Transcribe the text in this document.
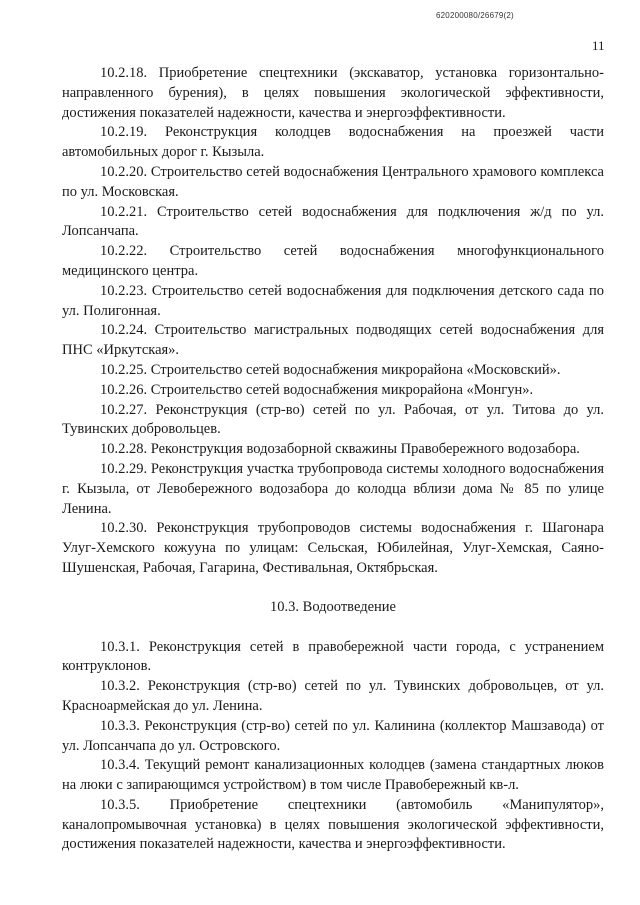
620200080/26679(2)
11

10.2.18. Приобретение спецтехники (экскаватор, установка горизонтально-направленного бурения), в целях повышения экологической эффективности, достижения показателей надежности, качества и энергоэффективности.

10.2.19. Реконструкция колодцев водоснабжения на проезжей части автомобильных дорог г. Кызыла.

10.2.20. Строительство сетей водоснабжения Центрального храмового комплекса по ул. Московская.

10.2.21. Строительство сетей водоснабжения для подключения ж/д по ул. Лопсанчапа.

10.2.22. Строительство сетей водоснабжения многофункционального медицинского центра.

10.2.23. Строительство сетей водоснабжения для подключения детского сада по ул. Полигонная.

10.2.24. Строительство магистральных подводящих сетей водоснабжения для ПНС «Иркутская».

10.2.25. Строительство сетей водоснабжения микрорайона «Московский».

10.2.26. Строительство сетей водоснабжения микрорайона «Монгун».

10.2.27. Реконструкция (стр-во) сетей по ул. Рабочая, от ул. Титова до ул. Тувинских добровольцев.

10.2.28. Реконструкция водозаборной скважины Правобережного водозабора.

10.2.29. Реконструкция участка трубопровода системы холодного водоснабжения г. Кызыла, от Левобережного водозабора до колодца вблизи дома № 85 по улице Ленина.

10.2.30. Реконструкция трубопроводов системы водоснабжения г. Шагонара Улуг-Хемского кожууна по улицам: Сельская, Юбилейная, Улуг-Хемская, Саяно-Шушенская, Рабочая, Гагарина, Фестивальная, Октябрьская.

10.3. Водоотведение

10.3.1. Реконструкция сетей в правобережной части города, с устранением контруклонов.

10.3.2. Реконструкция (стр-во) сетей по ул. Тувинских добровольцев, от ул. Красноармейская до ул. Ленина.

10.3.3. Реконструкция (стр-во) сетей по ул. Калинина (коллектор Машзавода) от ул. Лопсанчапа до ул. Островского.

10.3.4. Текущий ремонт канализационных колодцев (замена стандартных люков на люки с запирающимся устройством) в том числе Правобережный кв-л.

10.3.5. Приобретение спецтехники (автомобиль «Манипулятор», каналопромывочная установка) в целях повышения экологической эффективности, достижения показателей надежности, качества и энергоэффективности.
